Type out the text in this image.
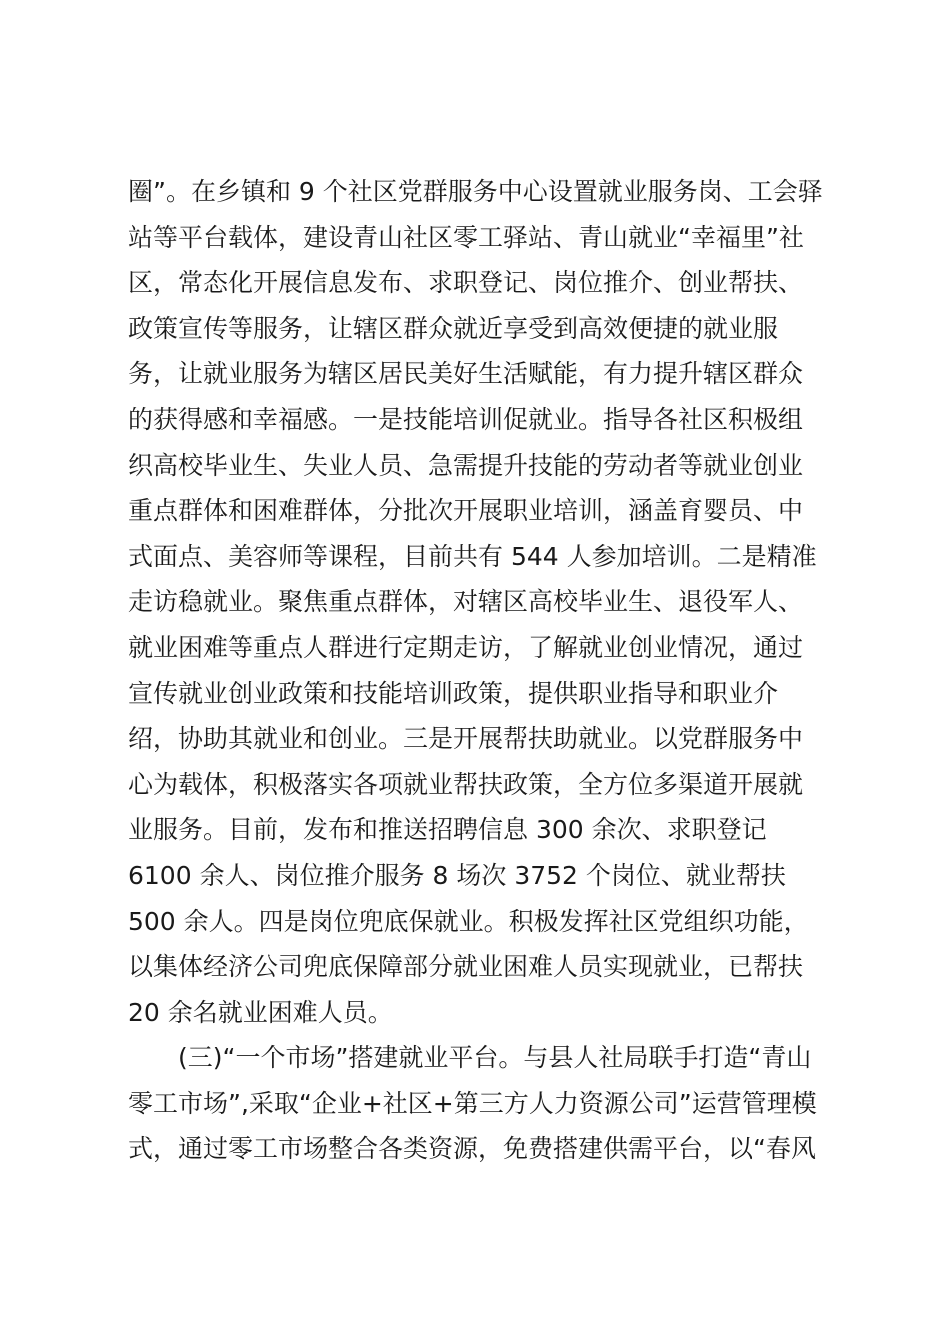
圈”。在乡镇和 9 个社区党群服务中心设置就业服务岗、工会驿
站等平台载体，建设青山社区零工驿站、青山就业“幸福里”社
区，常态化开展信息发布、求职登记、岗位推介、创业帮扶、
政策宣传等服务，让辖区群众就近享受到高效便捷的就业服
务，让就业服务为辖区居民美好生活赋能，有力提升辖区群众
的获得感和幸福感。一是技能培训促就业。指导各社区积极组
织高校毕业生、失业人员、急需提升技能的劳动者等就业创业
重点群体和困难群体，分批次开展职业培训，涵盖育婴员、中
式面点、美容师等课程，目前共有 544 人参加培训。二是精准
走访稳就业。聚焦重点群体，对辖区高校毕业生、退役军人、
就业困难等重点人群进行定期走访，了解就业创业情况，通过
宣传就业创业政策和技能培训政策，提供职业指导和职业介
绍，协助其就业和创业。三是开展帮扶助就业。以党群服务中
心为载体，积极落实各项就业帮扶政策，全方位多渠道开展就
业服务。目前，发布和推送招聘信息 300 余次、求职登记
6100 余人、岗位推介服务 8 场次 3752 个岗位、就业帮扶
500 余人。四是岗位兜底保就业。积极发挥社区党组织功能，
以集体经济公司兜底保障部分就业困难人员实现就业，已帮扶
20 余名就业困难人员。
(三)“一个市场”搭建就业平台。与县人社局联手打造“青山
零工市场”,采取“企业+社区+第三方人力资源公司”运营管理模
式，通过零工市场整合各类资源，免费搭建供需平台，以“春风
